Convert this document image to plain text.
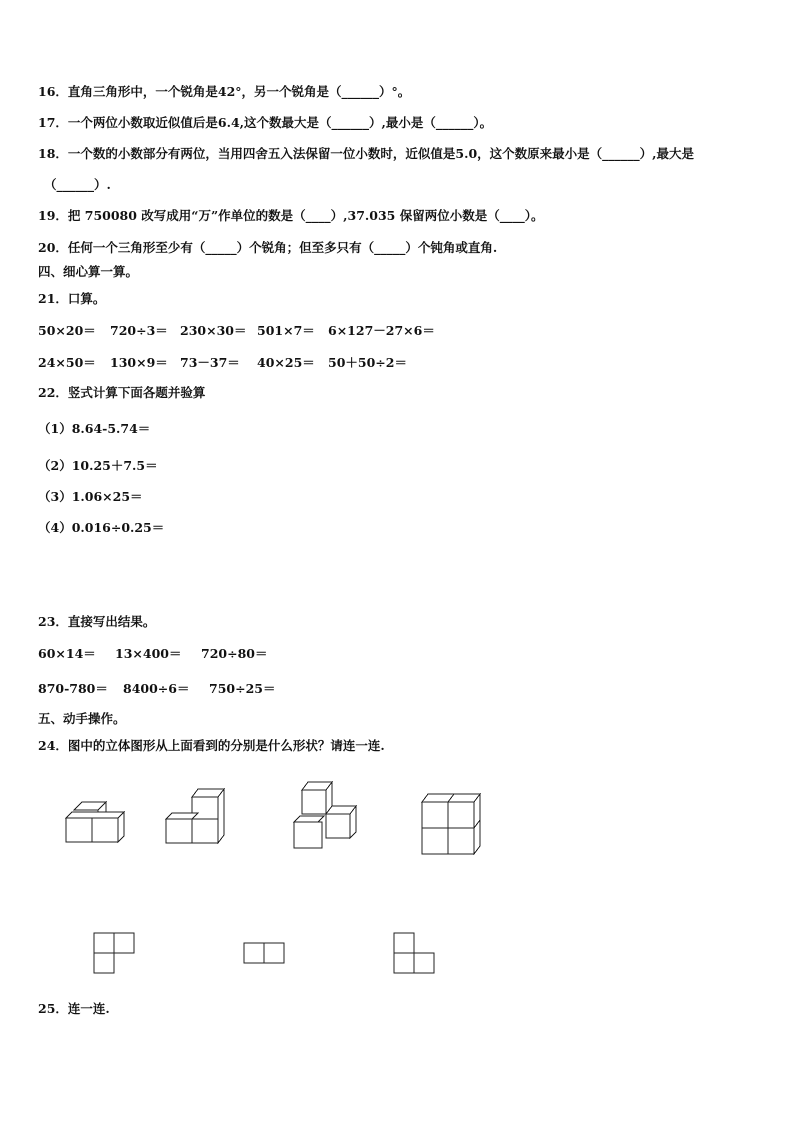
16．直角三角形中，一个锐角是42°，另一个锐角是（______）°。
17．一个两位小数取近似值后是6.4,这个数最大是（______）,最小是（______）。
18．一个数的小数部分有两位，当用四舍五入法保留一位小数时，近似值是5.0，这个数原来最小是（______）,最大是
（______）.
19．把 750080 改写成用“万”作单位的数是（____）,37.035 保留两位小数是（____）。
20．任何一个三角形至少有（_____）个锐角；但至多只有（_____）个钝角或直角.
四、细心算一算。
21．口算。
50×20＝ 720÷3＝ 230×30＝ 501×7＝ 6×127－27×6＝
24×50＝ 130×9＝ 73－37＝ 40×25＝ 50＋50÷2＝
22．竖式计算下面各题并验算
（1）8.64-5.74＝
（2）10.25＋7.5＝
（3）1.06×25＝
（4）0.016÷0.25＝
23．直接写出结果。
60×14＝ 13×400＝ 720÷80＝
870-780＝ 8400÷6＝ 750÷25＝
五、动手操作。
24．图中的立体图形从上面看到的分别是什么形状？请连一连.
25．连一连.
